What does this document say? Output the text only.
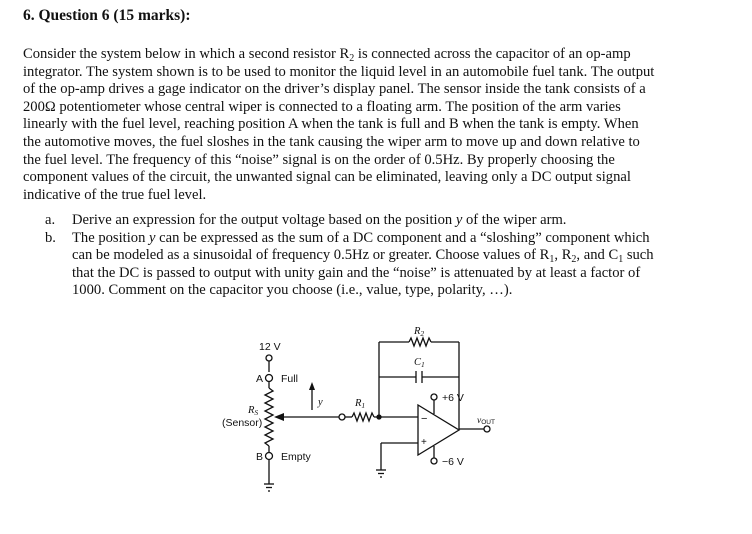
6. Question 6 (15 marks):
Consider the system below in which a second resistor $R_2$ is connected across the capacitor of an op-amp
integrator. The system shown is to be used to monitor the liquid level in an automobile fuel tank. The output
of the op-amp drives a gage indicator on the driver’s display panel. The sensor inside the tank consists of a
200Ω potentiometer whose central wiper is connected to a floating arm. The position of the arm varies
linearly with the fuel level, reaching position A when the tank is full and B when the tank is empty. When
the automotive moves, the fuel sloshes in the tank causing the wiper arm to move up and down relative to
the fuel level. The frequency of this “noise” signal is on the order of 0.5Hz. By properly choosing the
component values of the circuit, the unwanted signal can be eliminated, leaving only a DC output signal
indicative of the true fuel level.
a. Derive an expression for the output voltage based on the position y of the wiper arm.
b. The position y can be expressed as the sum of a DC component and a “sloshing” component which
can be modeled as a sinusoidal of frequency 0.5Hz or greater. Choose values of $R_1$, $R_2$, and $C_1$ such
that the DC is passed to output with unity gain and the “noise” is attenuated by at least a factor of
1000. Comment on the capacitor you choose (i.e., value, type, polarity, …).
12 V
A Full
B Empty
RS
(Sensor)
y	R1
R2
C1
−
+
+6 V
−6 V
vOUT
